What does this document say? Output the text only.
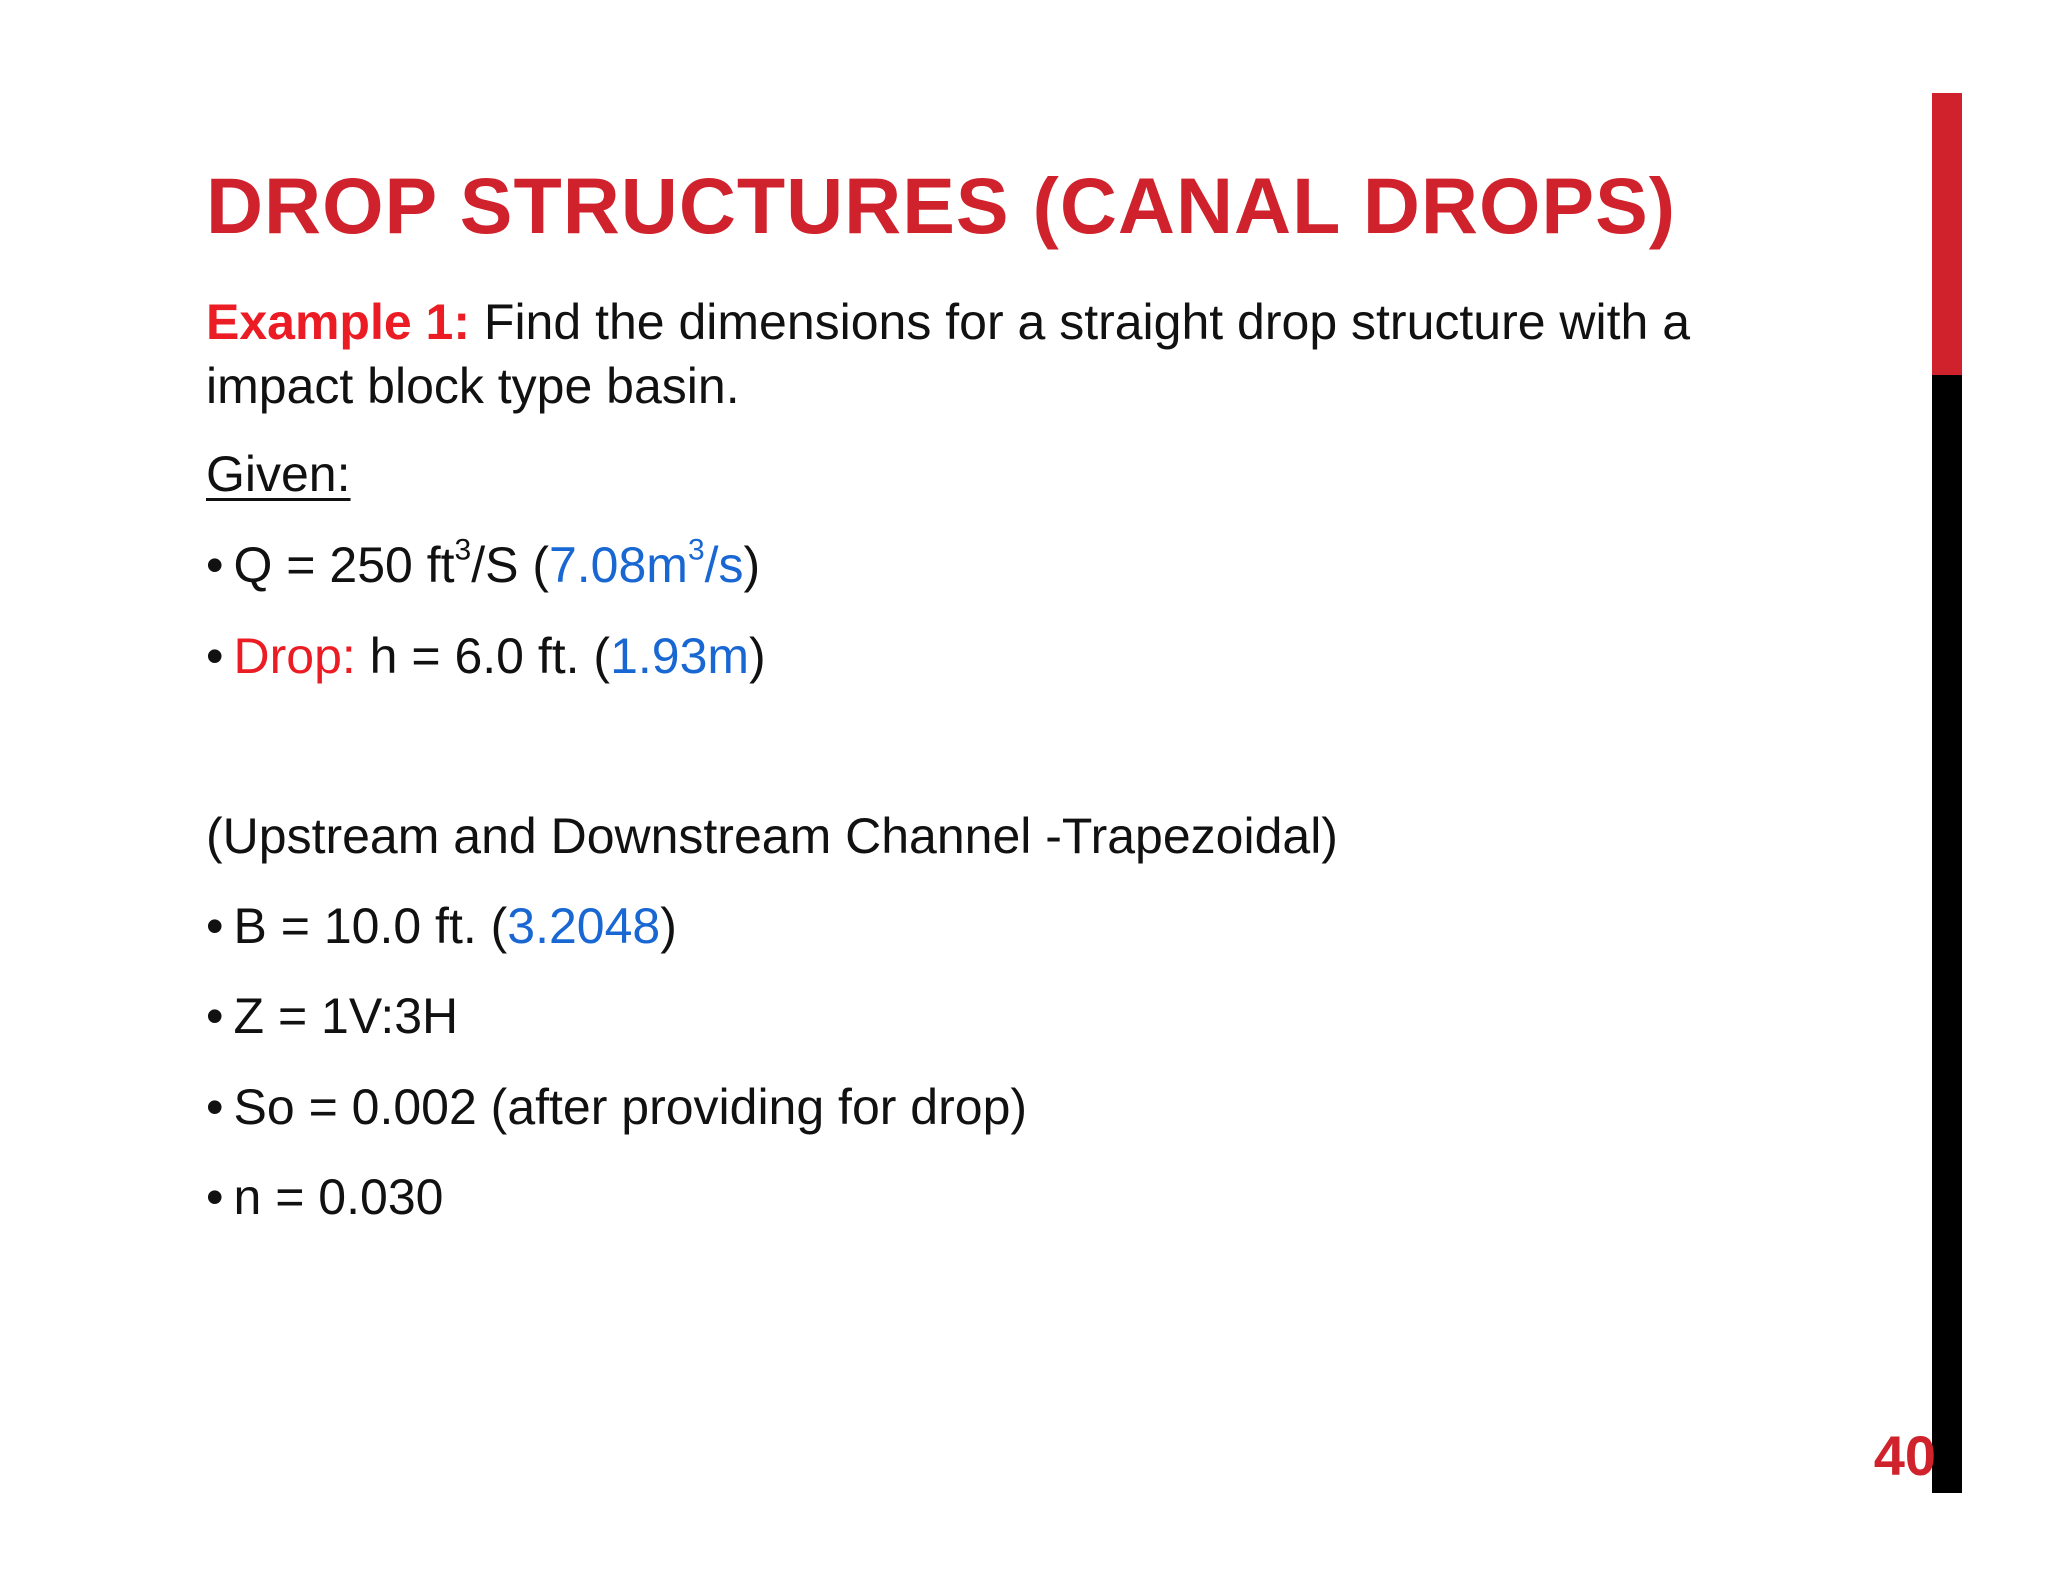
DROP STRUCTURES (CANAL DROPS)
Example 1: Find the dimensions for a straight drop structure with a
impact block type basin.
Given:
• Q = 250 $ft^3/S$ $(7.08m^3/s)$
• Drop: h = 6.0 ft. (1.93m)
(Upstream and Downstream Channel -Trapezoidal)
• B = 10.0 ft. (3.2048)
• Z = 1V:3H
• So = 0.002 (after providing for drop)
• n = 0.030
40
